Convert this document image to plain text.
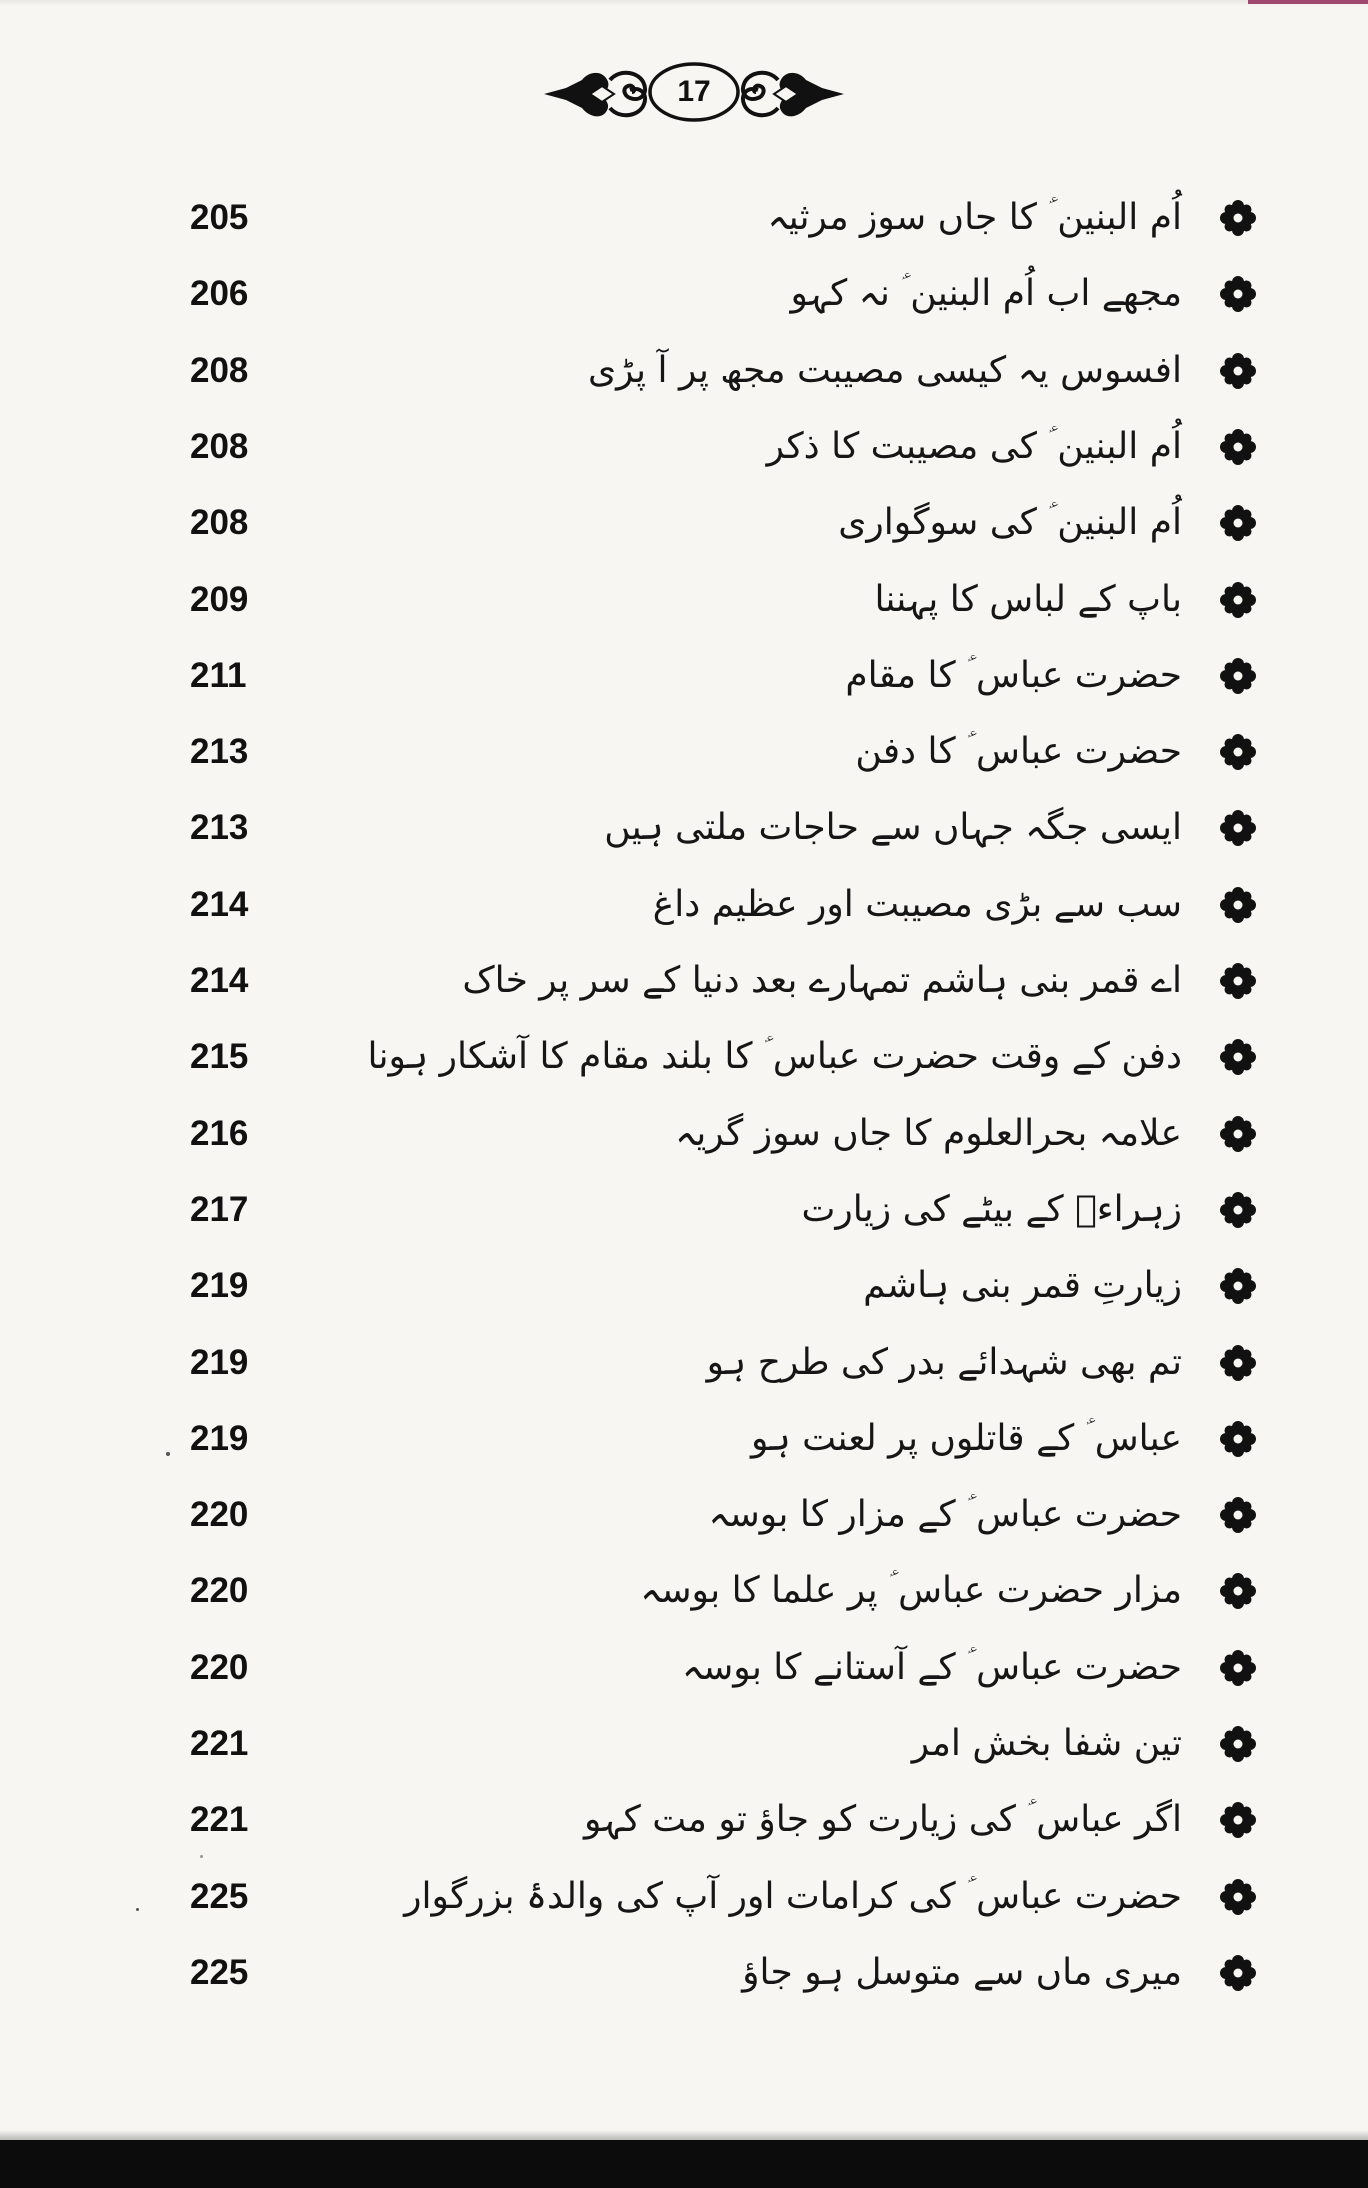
17
اُم البنین ؑ کا جاں سوز مرثیہ
205
مجھے اب اُم البنین ؑ نہ کہو
206
افسوس یہ کیسی مصیبت مجھ پر آ پڑی
208
اُم البنین ؑ کی مصیبت کا ذکر
208
اُم البنین ؑ کی سوگواری
208
باپ کے لباس کا پہننا
209
حضرت عباس ؑ کا مقام
211
حضرت عباس ؑ کا دفن
213
ایسی جگہ جہاں سے حاجات ملتی ہیں
213
سب سے بڑی مصیبت اور عظیم داغ
214
اے قمر بنی ہاشم تمہارے بعد دنیا کے سر پر خاک
214
دفن کے وقت حضرت عباس ؑ کا بلند مقام کا آشکار ہونا
215
علامہ بحرالعلوم کا جاں سوز گریہ
216
زہراءؑ کے بیٹے کی زیارت
217
زیارتِ قمر بنی ہاشم
219
تم بھی شہدائے بدر کی طرح ہو
219
عباس ؑ کے قاتلوں پر لعنت ہو
219
حضرت عباس ؑ کے مزار کا بوسہ
220
مزار حضرت عباس ؑ پر علما کا بوسہ
220
حضرت عباس ؑ کے آستانے کا بوسہ
220
تین شفا بخش امر
221
اگر عباس ؑ کی زیارت کو جاؤ تو مت کہو
221
حضرت عباس ؑ کی کرامات اور آپ کی والدۂ بزرگوار
225
میری ماں سے متوسل ہو جاؤ
225
